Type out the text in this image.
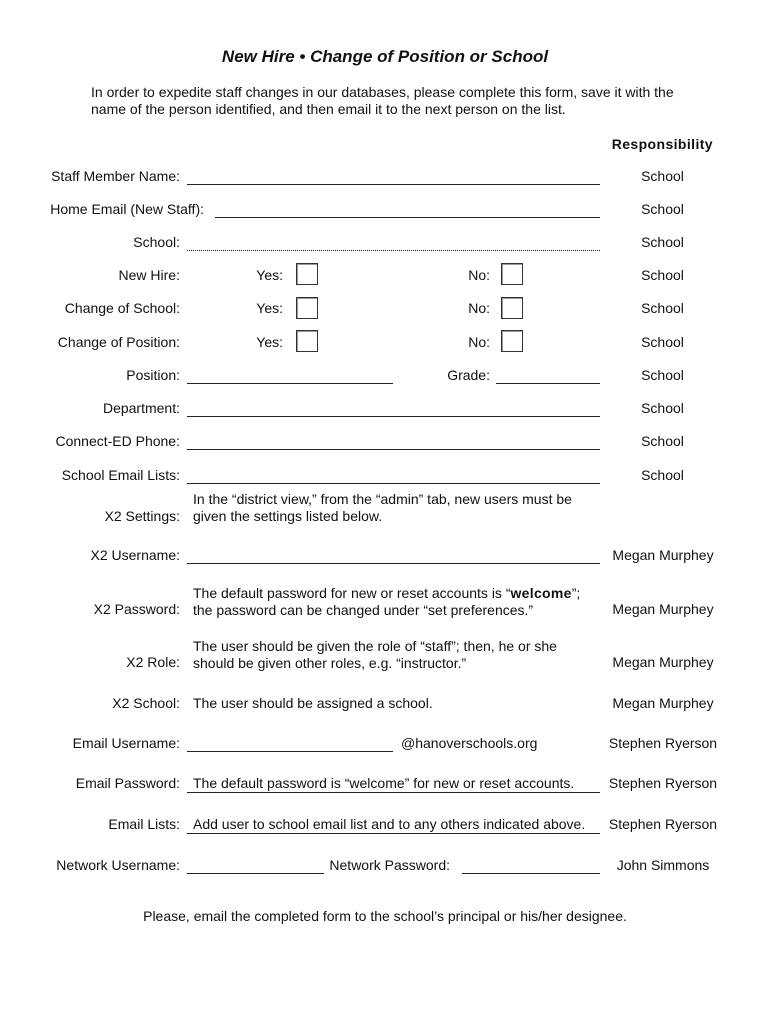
New Hire • Change of Position or School
In order to expedite staff changes in our databases, please complete this form, save it with the name of the person identified, and then email it to the next person on the list.
Responsibility
Staff Member Name:	School
Home Email (New Staff):	School
School:	School
New Hire:	Yes:	No:	School
Change of School:	Yes:	No:	School
Change of Position:	Yes:	No:	School
Position:	Grade:	School
Department:	School
Connect-ED Phone:	School
School Email Lists:	School
X2 Settings:
In the “district view,” from the “admin” tab, new users must be given the settings listed below.
X2 Username:	Megan Murphey
X2 Password:
The default password for new or reset accounts is “welcome”; the password can be changed under “set preferences.”	Megan Murphey
X2 Role:
The user should be given the role of “staff”; then, he or she should be given other roles, e.g. “instructor.”	Megan Murphey
X2 School: The user should be assigned a school.	Megan Murphey
Email Username:	@hanoverschools.org	Stephen Ryerson
Email Password: The default password is “welcome” for new or reset accounts.	Stephen Ryerson
Email Lists: Add user to school email list and to any others indicated above.	Stephen Ryerson
Network Username:	Network Password:	John Simmons
Please, email the completed form to the school’s principal or his/her designee.
